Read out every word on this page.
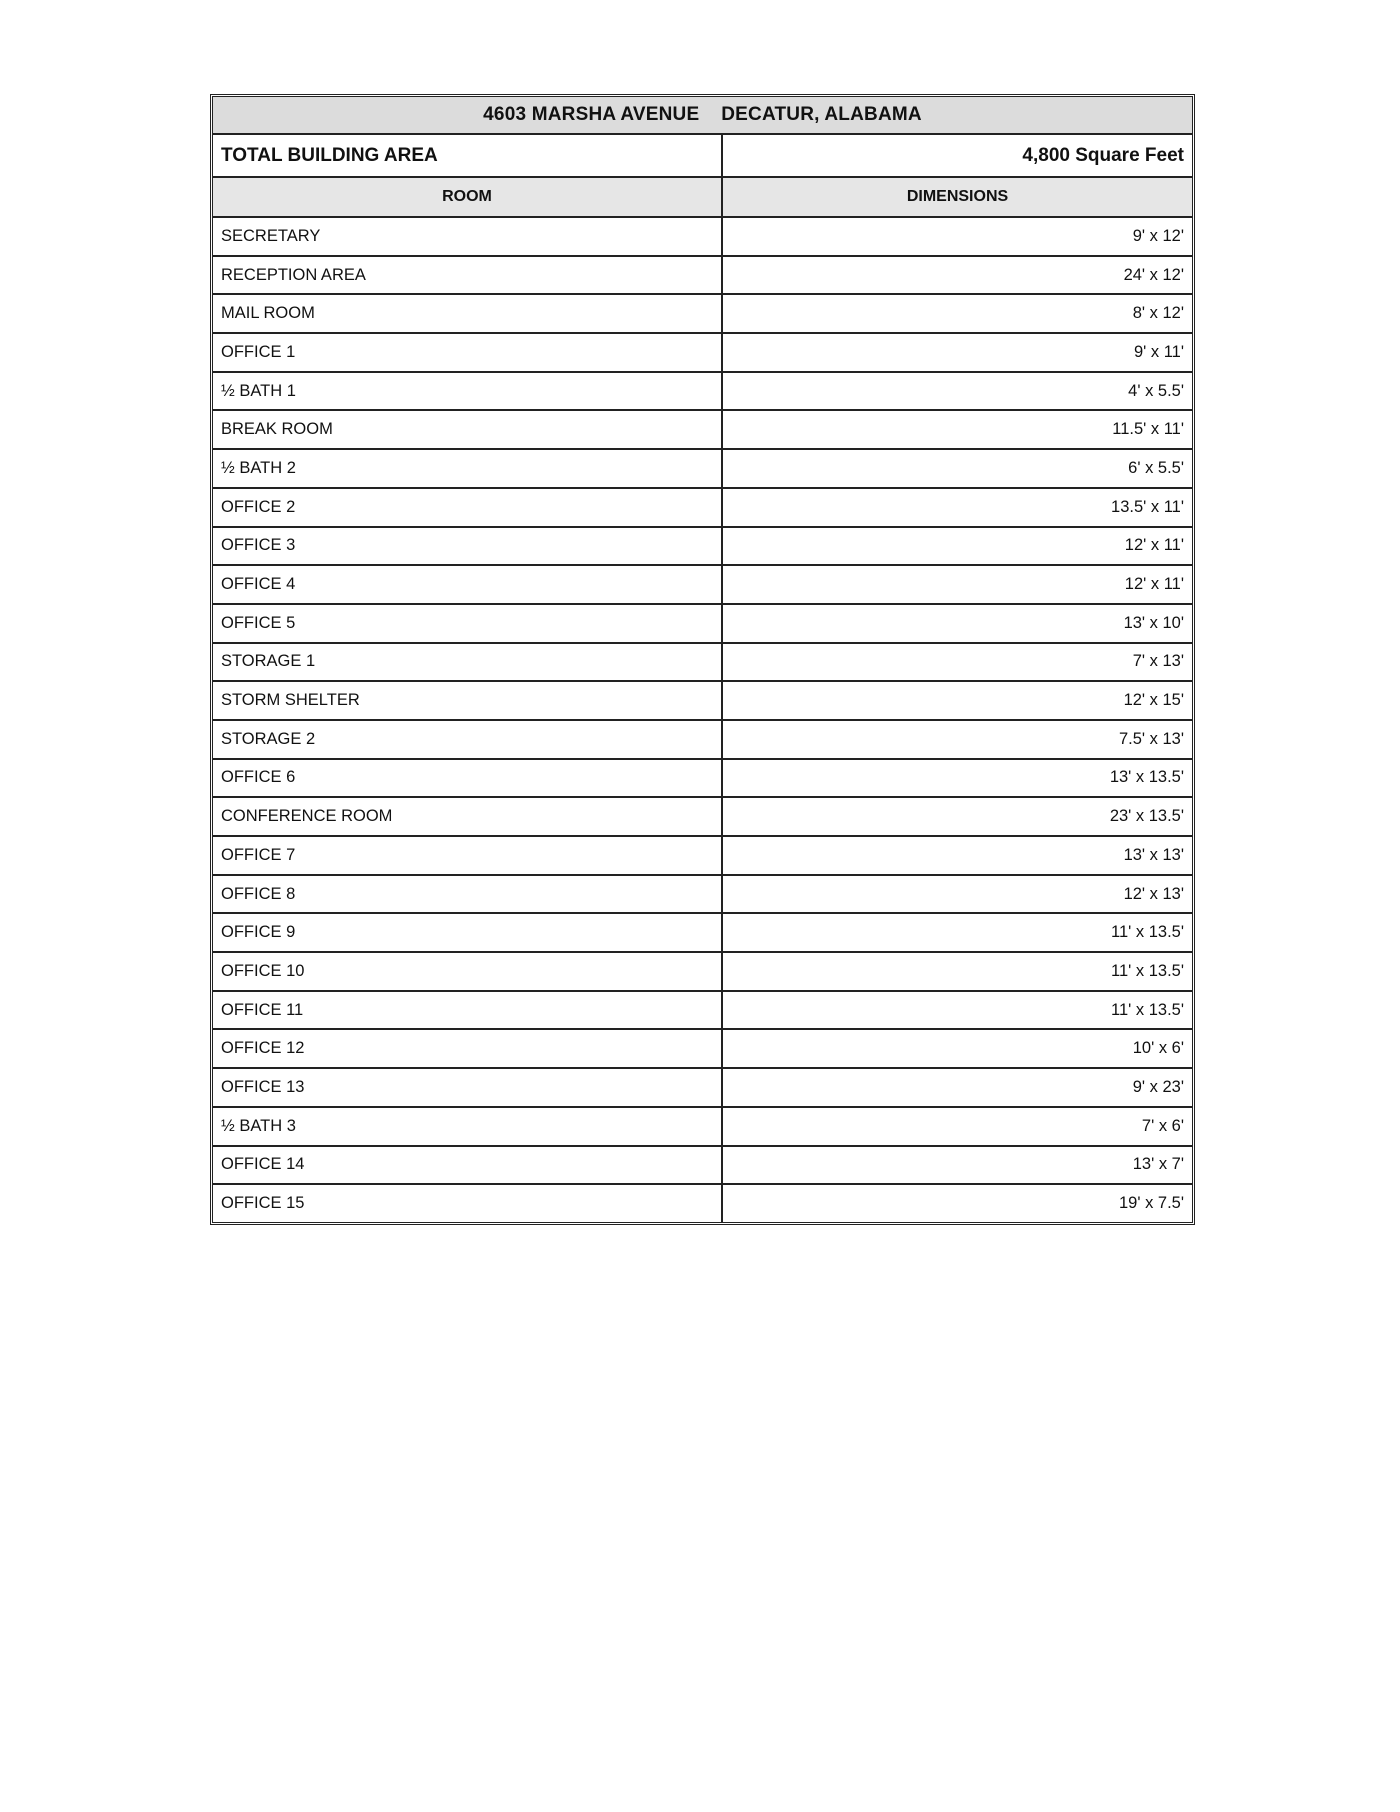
4603 MARSHA AVENUE
DECATUR, ALABAMA
TOTAL BUILDING AREA	4,800 Square Feet
ROOM	DIMENSIONS
SECRETARY	9' x 12'
RECEPTION AREA	24' x 12'
MAIL ROOM	8' x 12'
OFFICE 1	9' x 11'
½ BATH 1	4' x 5.5'
BREAK ROOM	11.5' x 11'
½ BATH 2	6' x 5.5'
OFFICE 2	13.5' x 11'
OFFICE 3	12' x 11'
OFFICE 4	12' x 11'
OFFICE 5	13' x 10'
STORAGE 1	7' x 13'
STORM SHELTER	12' x 15'
STORAGE 2	7.5' x 13'
OFFICE 6	13' x 13.5'
CONFERENCE ROOM	23' x 13.5'
OFFICE 7	13' x 13'
OFFICE 8	12' x 13'
OFFICE 9	11' x 13.5'
OFFICE 10	11' x 13.5'
OFFICE 11	11' x 13.5'
OFFICE 12	10' x 6'
OFFICE 13	9' x 23'
½ BATH 3	7' x 6'
OFFICE 14	13' x 7'
OFFICE 15	19' x 7.5'
